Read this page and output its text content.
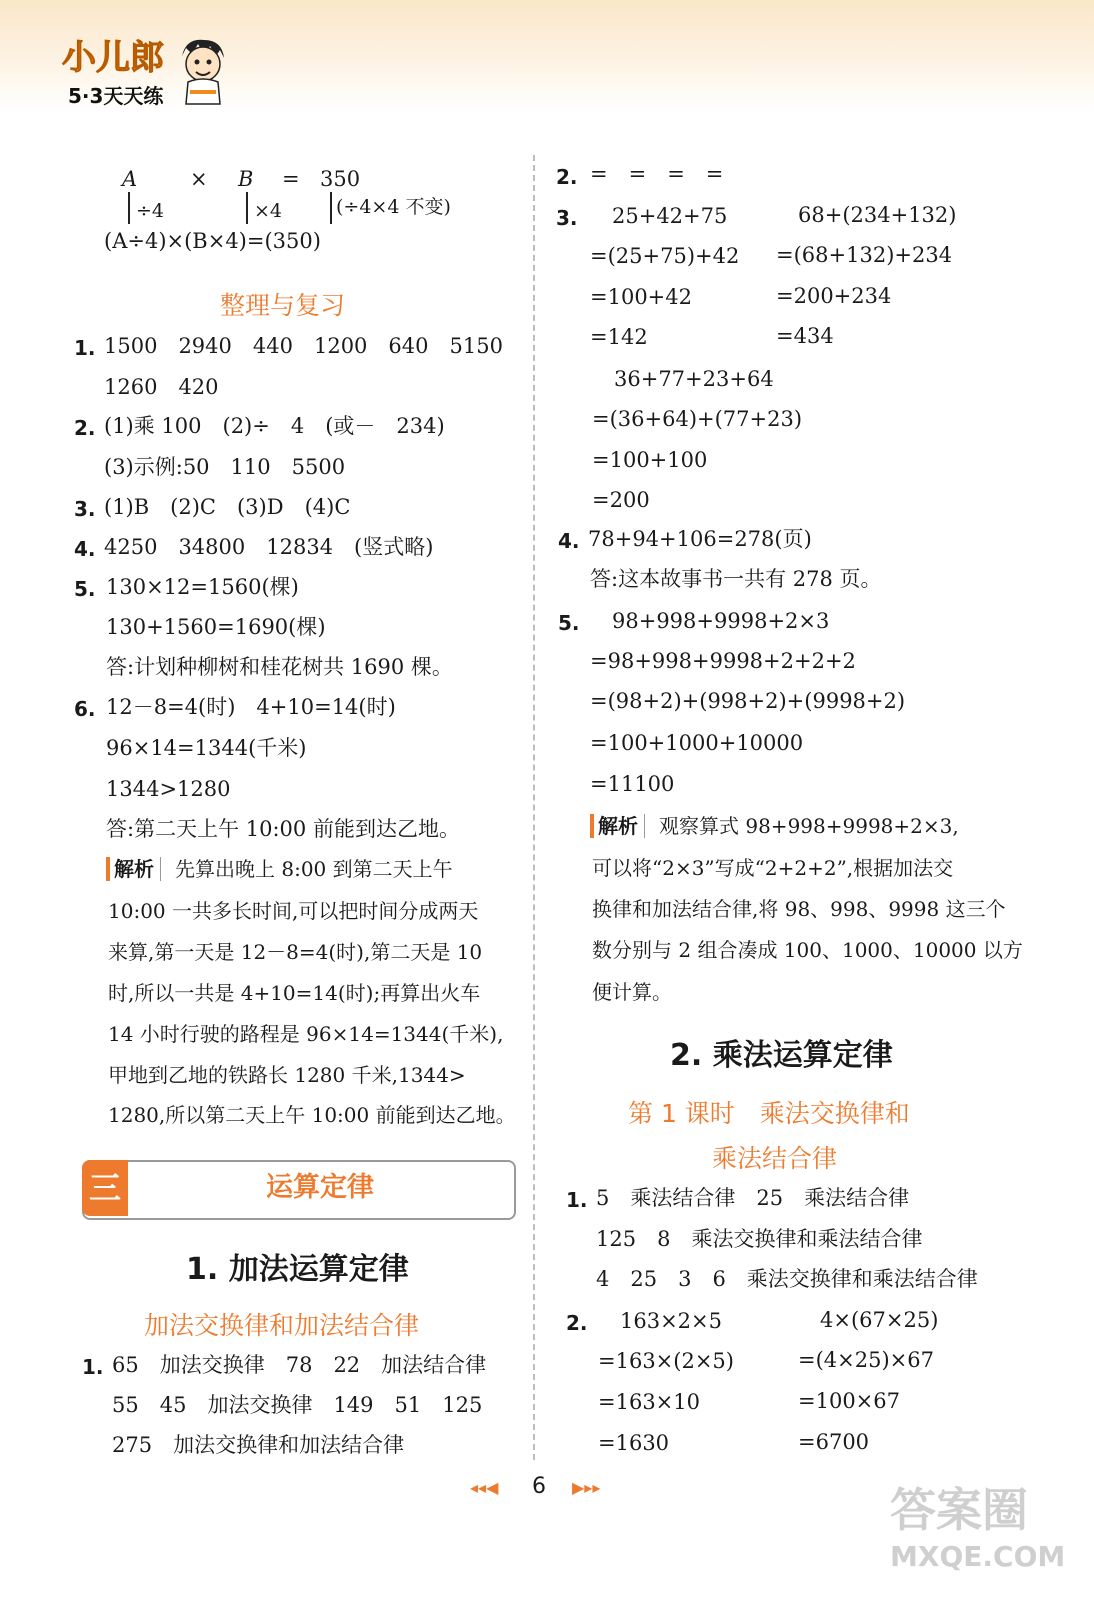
小儿郎
5·3天天练
A	× B = 350
÷4	×4	(÷4×4 不变)
(A÷4)×(B×4)=(350)
整理与复习
1. 1500　2940　440　1200　640　5150
1260　420
2. (1)乘 100　(2)÷　4　(或－　234)
(3)示例:50　110　5500
3. (1)B　(2)C　(3)D　(4)C
4. 4250　34800　12834　(竖式略)
5. 130×12=1560(棵)
130+1560=1690(棵)
答:计划种柳树和桂花树共 1690 棵。
6. 12－8=4(时)　4+10=14(时)
96×14=1344(千米)
1344>1280
答:第二天上午 10:00 前能到达乙地。
解析 先算出晚上 8:00 到第二天上午
10:00 一共多长时间,可以把时间分成两天
来算,第一天是 12－8=4(时),第二天是 10
时,所以一共是 4+10=14(时);再算出火车
14 小时行驶的路程是 96×14=1344(千米),
甲地到乙地的铁路长 1280 千米,1344>
1280,所以第二天上午 10:00 前能到达乙地。
三	运算定律
1. 加法运算定律
加法交换律和加法结合律
1. 65　加法交换律　78　22　加法结合律
55　45　加法交换律　149　51　125
275　加法交换律和加法结合律
2. =　=　=　=
3. 25+42+75
=(25+75)+42
=100+42
=142
68+(234+132)
=(68+132)+234
=200+234
=434
36+77+23+64
=(36+64)+(77+23)
=100+100
=200
4. 78+94+106=278(页)
答:这本故事书一共有 278 页。
5. 98+998+9998+2×3
=98+998+9998+2+2+2
=(98+2)+(998+2)+(9998+2)
=100+1000+10000
=11100
解析 观察算式 98+998+9998+2×3,
可以将“2×3”写成“2+2+2”,根据加法交
换律和加法结合律,将 98、998、9998 这三个
数分别与 2 组合凑成 100、1000、10000 以方
便计算。
2. 乘法运算定律
第 1 课时　乘法交换律和
乘法结合律
1. 5　乘法结合律　25　乘法结合律
125　8　乘法交换律和乘法结合律
4　25　3　6　乘法交换律和乘法结合律
2. 163×2×5
=163×(2×5)
=163×10
=1630
4×(67×25)
=(4×25)×67
=100×67
=6700
◂◂◀ 6 ▶▸▸	答案圈
MXQE.COM
